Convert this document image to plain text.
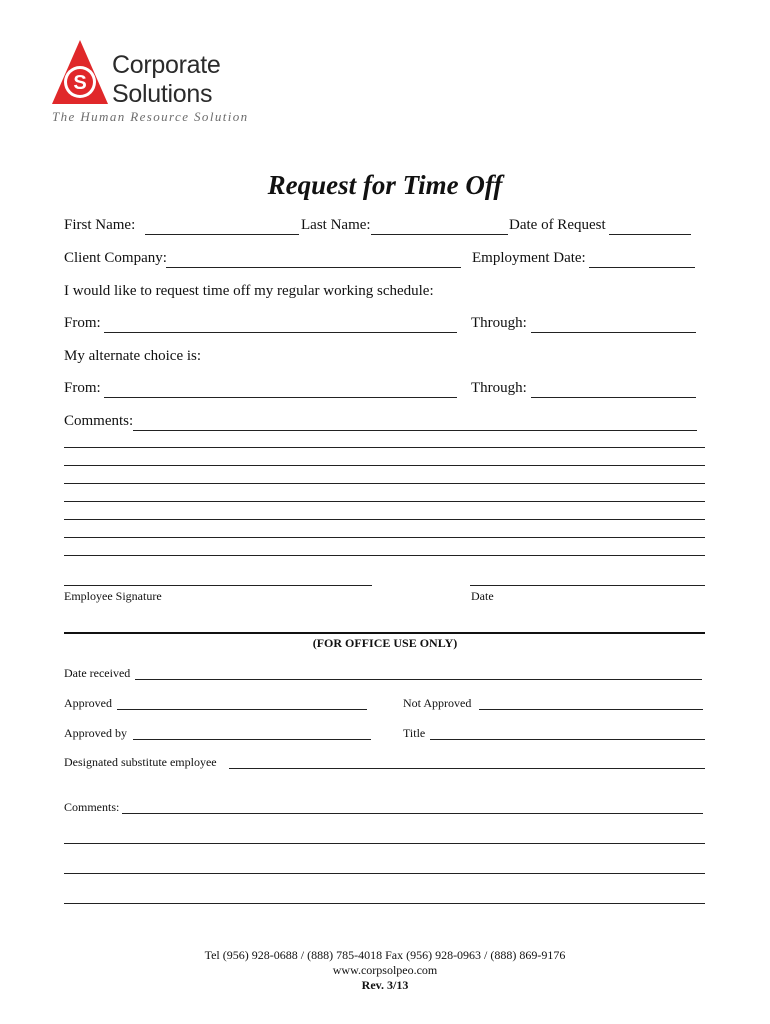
S
Corporate
Solutions
The Human Resource Solution
Request for Time Off
First Name:	Last Name:	Date of Request
Client Company:	Employment Date:
I would like to request time off my regular working schedule:
From:	Through:
My alternate choice is:
From:	Through:
Comments:
Employee Signature	Date
(FOR OFFICE USE ONLY)
Date received
Approved	Not Approved
Approved by	Title
Designated substitute employee
Comments:
Tel (956) 928-0688 / (888) 785-4018 Fax (956) 928-0963 / (888) 869-9176
www.corpsolpeo.com
Rev. 3/13
